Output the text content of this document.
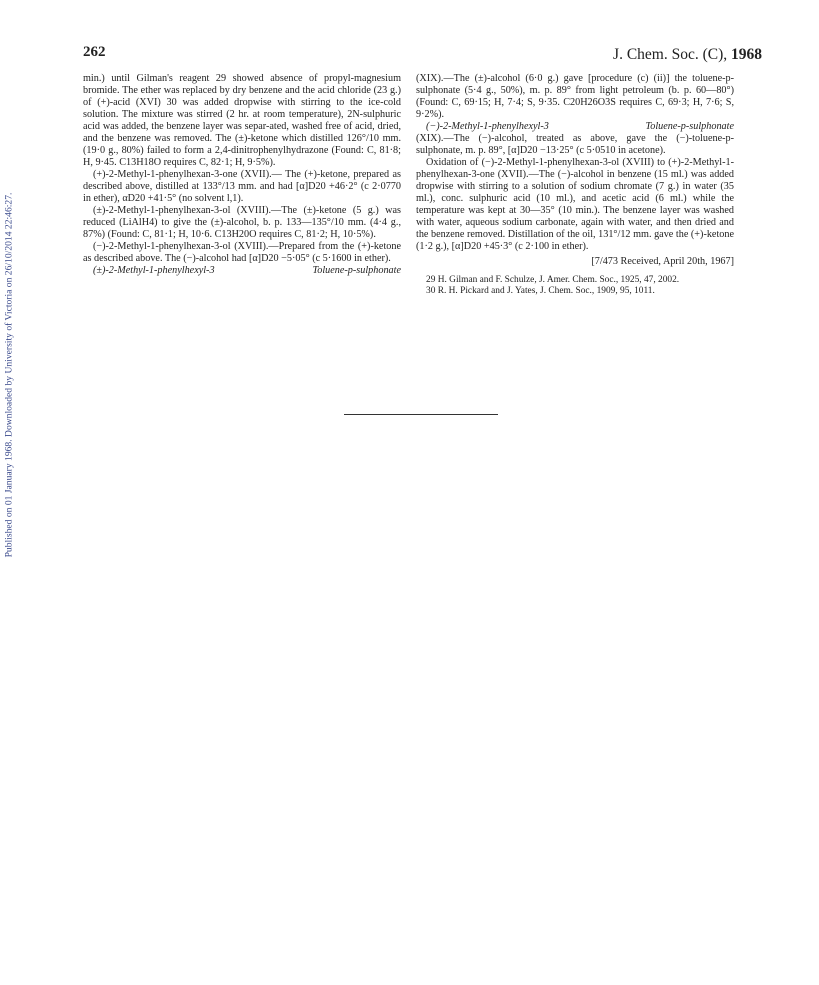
Published on 01 January 1968. Downloaded by University of Victoria on 26/10/2014 22:46:27.
262	J. Chem. Soc. (C), 1968

min.) until Gilman's reagent 29 showed absence of propyl-magnesium bromide. The ether was replaced by dry benzene and the acid chloride (23 g.) of (+)-acid (XVI) 30 was added dropwise with stirring to the ice-cold solution. The mixture was stirred (2 hr. at room temperature), 2N-sulphuric acid was added, the benzene layer was separ-ated, washed free of acid, dried, and the benzene was removed. The (±)-ketone which distilled 126°/10 mm. (19·0 g., 80%) failed to form a 2,4-dinitrophenylhydrazone (Found: C, 81·8; H, 9·45. C13H18O requires C, 82·1; H, 9·5%).

(+)-2-Methyl-1-phenylhexan-3-one (XVII).— The (+)-ketone, prepared as described above, distilled at 133°/13 mm. and had [α]D20 +46·2° (c 2·0770 in ether), αD20 +41·5° (no solvent l,1).

(±)-2-Methyl-1-phenylhexan-3-ol (XVIII).—The (±)-ketone (5 g.) was reduced (LiAlH4) to give the (±)-alcohol, b. p. 133—135°/10 mm. (4·4 g., 87%) (Found: C, 81·1; H, 10·6. C13H20O requires C, 81·2; H, 10·5%).

(−)-2-Methyl-1-phenylhexan-3-ol (XVIII).—Prepared from the (+)-ketone as described above. The (−)-alcohol had [α]D20 −5·05° (c 5·1600 in ether).

(±)-2-Methyl-1-phenylhexyl-3	Toluene-p-sulphonate

(XIX).—The (±)-alcohol (6·0 g.) gave [procedure (c) (ii)] the toluene-p-sulphonate (5·4 g., 50%), m. p. 89° from light petroleum (b. p. 60—80°) (Found: C, 69·15; H, 7·4; S, 9·35. C20H26O3S requires C, 69·3; H, 7·6; S, 9·2%).

(−)-2-Methyl-1-phenylhexyl-3	Toluene-p-sulphonate

(XIX).—The (−)-alcohol, treated as above, gave the (−)-toluene-p-sulphonate, m. p. 89°, [α]D20 −13·25° (c 5·0510 in acetone).

Oxidation of (−)-2-Methyl-1-phenylhexan-3-ol (XVIII) to (+)-2-Methyl-1-phenylhexan-3-one (XVII).—The (−)-alcohol in benzene (15 ml.) was added dropwise with stirring to a solution of sodium chromate (7 g.) in water (35 ml.), conc. sulphuric acid (10 ml.), and acetic acid (6 ml.) while the temperature was kept at 30—35° (10 min.). The benzene layer was washed with water, aqueous sodium carbonate, again with water, and then dried and the benzene removed. Distillation of the oil, 131°/12 mm. gave the (+)-ketone (1·2 g.), [α]D20 +45·3° (c 2·100 in ether).

[7/473 Received, April 20th, 1967]

29 H. Gilman and F. Schulze, J. Amer. Chem. Soc., 1925, 47, 2002.

30 R. H. Pickard and J. Yates, J. Chem. Soc., 1909, 95, 1011.
